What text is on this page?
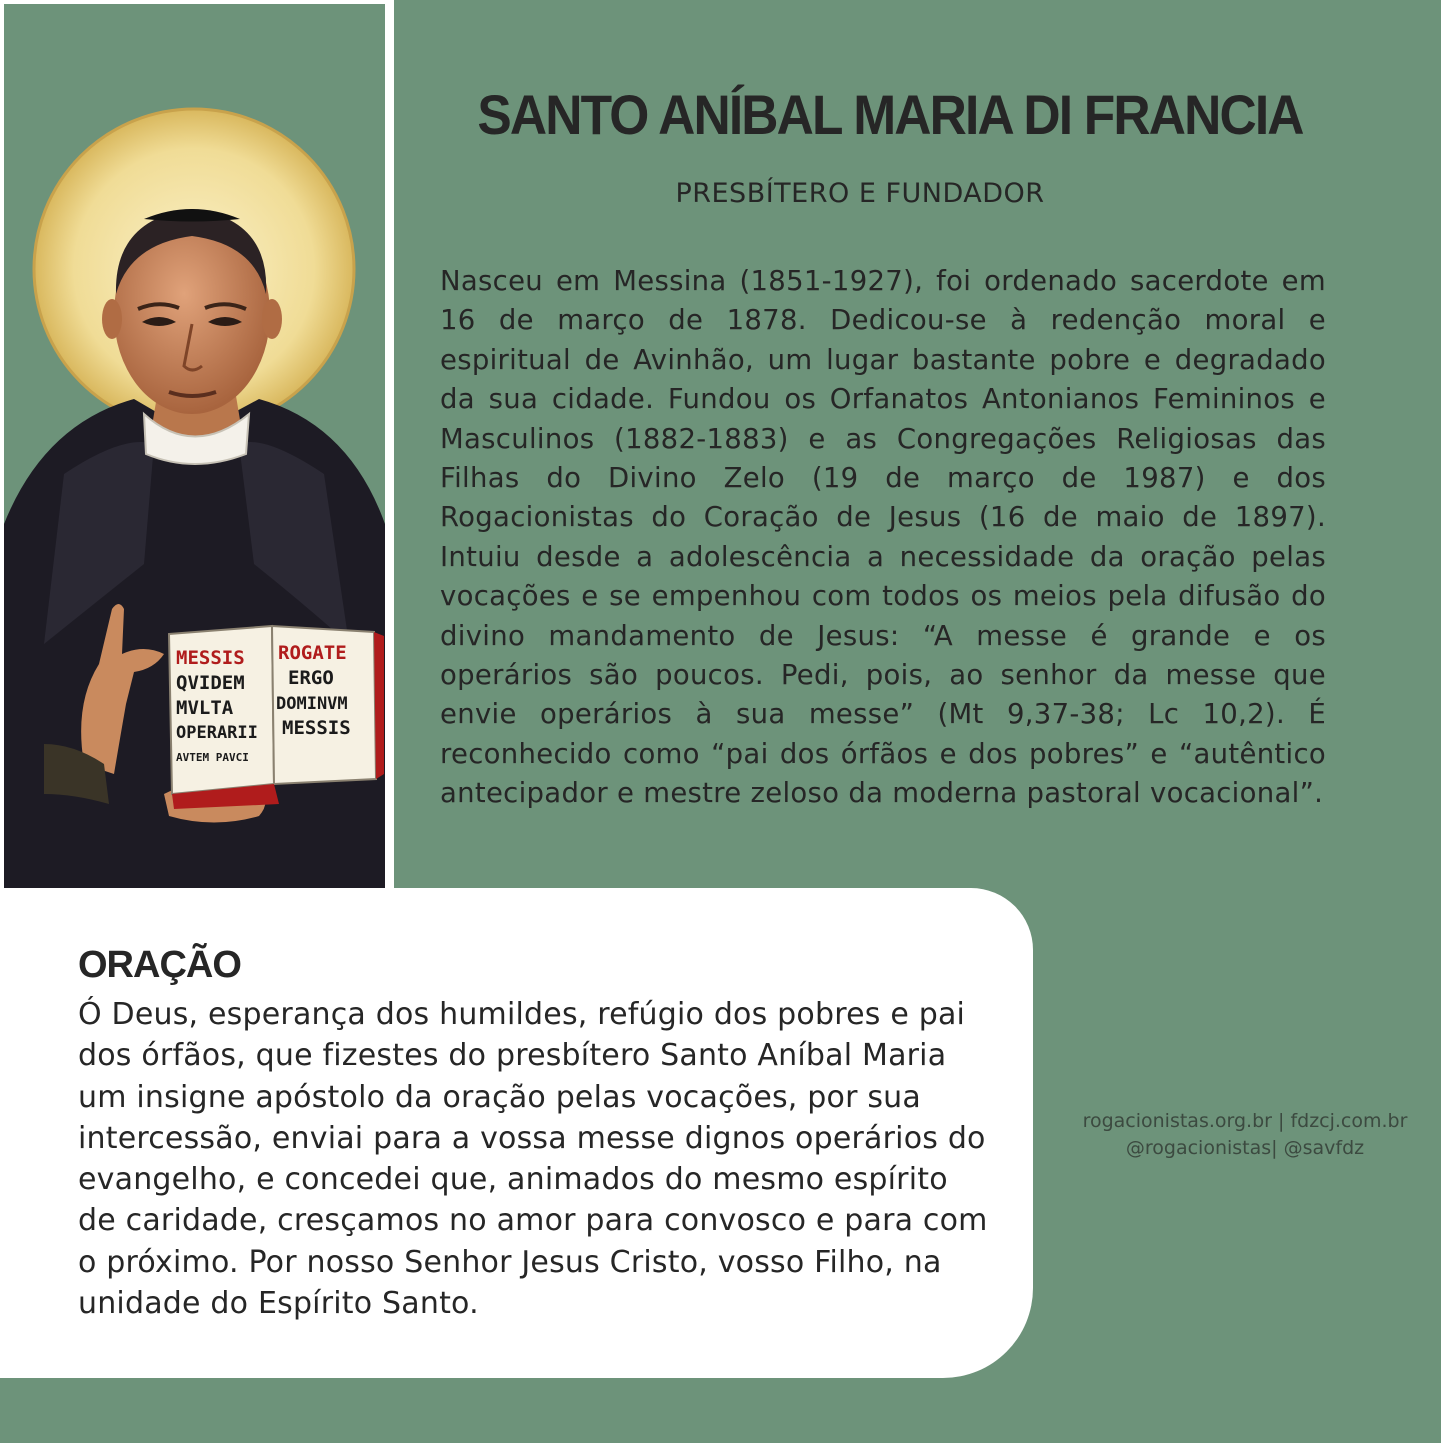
MESSIS
QVIDEM
MVLTA
OPERARII
AVTEM PAVCI
ROGATE
ERGO
DOMINVM
MESSIS
SANTO ANÍBAL MARIA DI FRANCIA
PRESBÍTERO E FUNDADOR
Nasceu em Messina (1851-1927), foi ordenado sacerdote em 16 de março de 1878. Dedicou-se à redenção moral e espiritual de Avinhão, um lugar bastante pobre e degradado da sua cidade. Fundou os Orfanatos Antonianos Femininos e Masculinos (1882-1883) e as Congregações Religiosas das Filhas do Divino Zelo (19 de março de 1987) e dos Rogacionistas do Coração de Jesus (16 de maio de 1897). Intuiu desde a adolescência a necessidade da oração pelas vocações e se empenhou com todos os meios pela difusão do divino mandamento de Jesus: “A messe é grande e os operários são poucos. Pedi, pois, ao senhor da messe que envie operários à sua messe” (Mt 9,37-38; Lc 10,2). É reconhecido como “pai dos órfãos e dos pobres” e “autêntico antecipador e mestre zeloso da moderna pastoral vocacional”.
ORAÇÃO
Ó Deus, esperança dos humildes, refúgio dos pobres e pai
dos órfãos, que fizestes do presbítero Santo Aníbal Maria
um insigne apóstolo da oração pelas vocações, por sua
intercessão, enviai para a vossa messe dignos operários do
evangelho, e concedei que, animados do mesmo espírito
de caridade, cresçamos no amor para convosco e para com
o próximo. Por nosso Senhor Jesus Cristo, vosso Filho, na
unidade do Espírito Santo.
rogacionistas.org.br | fdzcj.com.br
@rogacionistas| @savfdz
